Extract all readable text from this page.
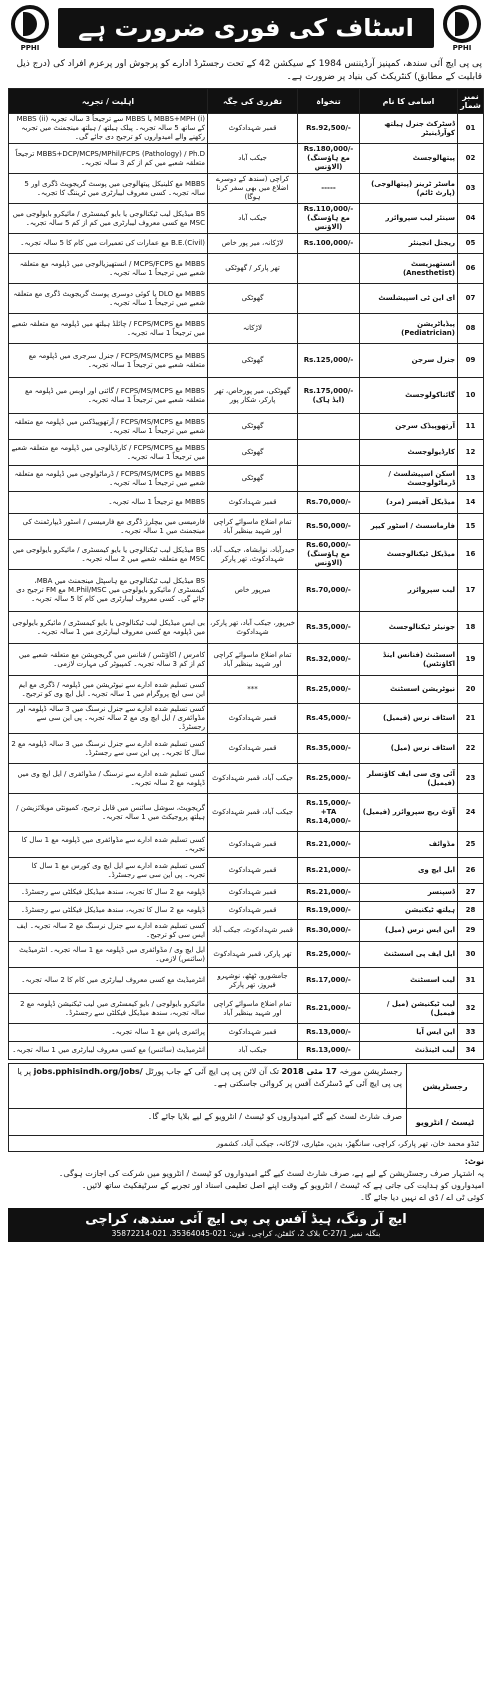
PPHI
اسٹاف کی فوری ضرورت ہے
PPHI
پی پی ایچ آئی سندھ، کمپنیز آرڈیننس 1984 کے سیکشن 42 کے تحت رجسٹرڈ ادارے کو پرجوش اور پرعزم افراد کی (درج ذیل قابلیت کے مطابق) کنٹریکٹ کی بنیاد پر ضرورت ہے۔
نمبر شمار	اسامی کا نام	تنخواہ	تقرری کی جگہ	اہلیت / تجربہ
01	ڈسٹرکٹ جنرل ہیلتھ کوآرڈینیٹر	Rs.92,500/-	قمبر شہدادکوٹ	MBBS+MPH (i) یا MBBS سے ترجیحاً 3 سالہ تجربہ (ii) MBBS کے ساتھ 5 سالہ تجربہ۔ پبلک ہیلتھ / ہیلتھ مینجمنٹ میں تجربہ رکھنے والے امیدواروں کو ترجیح دی جائے گی۔
02	پیتھالوجسٹ	Rs.180,000/- (مع ہاؤسنگ الاؤنس)	جیکب آباد	MBBS+DCP/MCPS/MPhil/FCPS (Pathology) / Ph.D ترجیحاً متعلقہ شعبے میں کم از کم 3 سالہ تجربہ۔
03	ماسٹر ٹرینر (پیتھالوجی) (پارٹ ٹائم)	-----	کراچی (سندھ کے دوسرے اضلاع میں بھی سفر کرنا ہوگا)	MBBS مع کلینیکل پیتھالوجی میں پوسٹ گریجویٹ ڈگری اور 5 سالہ تجربہ۔ کسی معروف لیبارٹری میں ٹریننگ کا تجربہ۔
04	سینئر لیب سپروائزر	Rs.110,000/- (مع ہاؤسنگ الاؤنس)	جیکب آباد	BS میڈیکل لیب ٹیکنالوجی یا بایو کیمسٹری / مائیکرو بایولوجی میں MSC مع کسی معروف لیبارٹری میں کم از کم 5 سالہ تجربہ۔
05	ریجنل انجینئر	Rs.100,000/-	لاڑکانہ، میر پور خاص	B.E.(Civil) مع عمارات کی تعمیرات میں کام کا 5 سالہ تجربہ۔
06	انستھیزیسٹ (Anesthetist)		تھر پارکر / گھوٹکی	MBBS مع MCPS/FCPS / انستھیزیالوجی میں ڈپلومہ مع متعلقہ شعبے میں ترجیحاً 1 سالہ تجربہ۔
07	ای این ٹی اسپیشلسٹ		گھوٹکی	MBBS مع DLO یا کوئی دوسری پوسٹ گریجویٹ ڈگری مع متعلقہ شعبے میں ترجیحاً 1 سالہ تجربہ۔
08	پیڈیاٹریشن (Pediatrician)		لاڑکانہ	MBBS مع FCPS/MCPS / چائلڈ ہیلتھ میں ڈپلومہ مع متعلقہ شعبے میں ترجیحاً 1 سالہ تجربہ۔
09	جنرل سرجن	Rs.125,000/-	گھوٹکی	MBBS مع FCPS/MS/MCPS / جنرل سرجری میں ڈپلومہ مع متعلقہ شعبے میں ترجیحاً 1 سالہ تجربہ۔
10	گائناکولوجسٹ	Rs.175,000/- (ایڈ ہاک)	گھوٹکی، میر پورخاص، تھر پارکر، شکار پور	MBBS مع FCPS/MS/MCPS / گائنی اور اوبس میں ڈپلومہ مع متعلقہ شعبے میں ترجیحاً 1 سالہ تجربہ۔
11	آرتھوپیڈک سرجن		گھوٹکی	MBBS مع FCPS/MS/MCPS / آرتھوپیڈکس میں ڈپلومہ مع متعلقہ شعبے میں ترجیحاً 1 سالہ تجربہ۔
12	کارڈیولوجسٹ		گھوٹکی	MBBS مع FCPS/MCPS / کارڈیالوجی میں ڈپلومہ مع متعلقہ شعبے میں ترجیحاً 1 سالہ تجربہ۔
13	اسکن اسپیشلسٹ / ڈرماٹولوجسٹ		گھوٹکی	MBBS مع FCPS/MS/MCPS / ڈرماٹولوجی میں ڈپلومہ مع متعلقہ شعبے میں ترجیحاً 1 سالہ تجربہ۔
14	میڈیکل آفیسر (مرد)	Rs.70,000/-	قمبر شہدادکوٹ	MBBS مع ترجیحاً 1 سالہ تجربہ۔
15	فارماسسٹ / اسٹور کیپر	Rs.50,000/-	تمام اضلاع ماسوائے کراچی اور شہید بینظیر آباد	فارمیسی میں بیچلرز ڈگری مع فارمیسی / اسٹور ڈیپارٹمنٹ کی مینجمنٹ میں 1 سالہ تجربہ۔
16	میڈیکل ٹیکنالوجسٹ	Rs.60,000/- (مع ہاؤسنگ الاؤنس)	حیدرآباد، نوابشاہ، جیکب آباد، شہدادکوٹ، تھر پارکر	BS میڈیکل لیب ٹیکنالوجی یا بایو کیمسٹری / مائیکرو بایولوجی میں MSC مع متعلقہ شعبے میں 2 سالہ تجربہ۔
17	لیب سپروائزر	Rs.70,000/-	میرپور خاص	BS میڈیکل لیب ٹیکنالوجی مع ہاسپٹل مینجمنٹ میں MBA، کیمسٹری / مائیکرو بایولوجی میں M.Phil/MSC مع FM ترجیح دی جائے گی۔ کسی معروف لیبارٹری میں کام کا 5 سالہ تجربہ۔
18	جونیئر ٹیکنالوجسٹ	Rs.35,000/-	خیرپور، جیکب آباد، تھر پارکر، شہدادکوٹ	بی ایس میڈیکل لیب ٹیکنالوجی یا بایو کیمسٹری / مائیکرو بایولوجی میں ڈپلومہ مع کسی معروف لیبارٹری میں 1 سالہ تجربہ۔
19	اسسٹنٹ (فنانس اینڈ اکاؤنٹس)	Rs.32,000/-	تمام اضلاع ماسوائے کراچی اور شہید بینظیر آباد	کامرس / اکاؤنٹس / فنانس میں گریجویشن مع متعلقہ شعبے میں کم از کم 3 سالہ تجربہ۔ کمپیوٹر کی مہارت لازمی۔
20	نیوٹریشن اسسٹنٹ	Rs.25,000/-	***	کسی تسلیم شدہ ادارے سے نیوٹریشن میں ڈپلومہ / ڈگری مع ایم این سی ایچ پروگرام میں 1 سالہ تجربہ۔ ایل ایچ وی کو ترجیح۔
21	اسٹاف نرس (فیمیل)	Rs.45,000/-	قمبر شہدادکوٹ	کسی تسلیم شدہ ادارے سے جنرل نرسنگ میں 3 سالہ ڈپلومہ اور مڈوائفری / ایل ایچ وی مع 2 سالہ تجربہ۔ پی این سی سے رجسٹرڈ۔
22	اسٹاف نرس (میل)	Rs.35,000/-	قمبر شہدادکوٹ	کسی تسلیم شدہ ادارے سے جنرل نرسنگ میں 3 سالہ ڈپلومہ مع 2 سال کا تجربہ۔ پی این سی سے رجسٹرڈ۔
23	آئی وی سی ایف کاؤنسلر (فیمیل)	Rs.25,000/-	جیکب آباد، قمبر شہدادکوٹ	کسی تسلیم شدہ ادارے سے نرسنگ / مڈوائفری / ایل ایچ وی میں ڈپلومہ مع 2 سالہ تجربہ۔
24	آؤٹ ریچ سپروائزر (فیمیل)	Rs.15,000/- +TA Rs.14,000/-	جیکب آباد، قمبر شہدادکوٹ	گریجویٹ، سوشل سائنس میں قابل ترجیح، کمیونٹی موبلائزیشن / ہیلتھ پروجیکٹ میں 1 سالہ تجربہ۔
25	مڈوائف	Rs.21,000/-	قمبر شہدادکوٹ	کسی تسلیم شدہ ادارے سے مڈوائفری میں ڈپلومہ مع 1 سال کا تجربہ۔
26	ایل ایچ وی	Rs.21,000/-	قمبر شہدادکوٹ	کسی تسلیم شدہ ادارے سے ایل ایچ وی کورس مع 1 سال کا تجربہ۔ پی این سی سے رجسٹرڈ۔
27	ڈسپنسر	Rs.21,000/-	قمبر شہدادکوٹ	ڈپلومہ مع 2 سال کا تجربہ، سندھ میڈیکل فیکلٹی سے رجسٹرڈ۔
28	ہیلتھ ٹیکنیشن	Rs.19,000/-	قمبر شہدادکوٹ	ڈپلومہ مع 2 سال کا تجربہ، سندھ میڈیکل فیکلٹی سے رجسٹرڈ۔
29	این ایس نرس (میل)	Rs.30,000/-	قمبر شہدادکوٹ، جیکب آباد	کسی تسلیم شدہ ادارے سے جنرل نرسنگ مع 2 سالہ تجربہ۔ ایف ایس سی کو ترجیح۔
30	ایل ایف پی اسسٹنٹ	Rs.25,000/-	تھر پارکر، قمبر شہدادکوٹ	ایل ایچ وی / مڈوائفری میں ڈپلومہ مع 1 سالہ تجربہ۔ انٹرمیڈیٹ (سائنس) لازمی۔
31	لیب اسسٹنٹ	Rs.17,000/-	جامشورو، ٹھٹھ، نوشہرو فیروز، تھر پارکر	انٹرمیڈیٹ مع کسی معروف لیبارٹری میں کام کا 2 سالہ تجربہ۔
32	لیب ٹیکنیشن (میل / فیمیل)	Rs.21,000/-	تمام اضلاع ماسوائے کراچی اور شہید بینظیر آباد	مائیکرو بایولوجی / بایو کیمسٹری میں لیب ٹیکنیشن ڈپلومہ مع 2 سالہ تجربہ، سندھ میڈیکل فیکلٹی سے رجسٹرڈ۔
33	این ایس آیا	Rs.13,000/-	قمبر شہدادکوٹ	پرائمری پاس مع 1 سالہ تجربہ۔
34	لیب اٹینڈنٹ	Rs.13,000/-	جیکب آباد	انٹرمیڈیٹ (سائنس) مع کسی معروف لیبارٹری میں 1 سالہ تجربہ۔
رجسٹریشن
رجسٹریشن مورخہ 17 مئی 2018 تک آن لائن پی پی ایچ آئی کے جاب پورٹل jobs.pphisindh.org/jobs/ پر یا پی پی ایچ آئی کے ڈسٹرکٹ آفس پر کروائی جاسکتی ہے۔
ٹیسٹ / انٹرویو
صرف شارٹ لسٹ کیے گئے امیدواروں کو ٹیسٹ / انٹرویو کے لیے بلایا جائے گا۔
ٹنڈو محمد خان، تھر پارکر، کراچی، سانگھڑ، بدین، مٹیاری، لاڑکانہ، جیکب آباد، کشمور
نوٹ:
یہ اشتہار صرف رجسٹریشن کے لیے ہے، صرف شارٹ لسٹ کیے گئے امیدواروں کو ٹیسٹ / انٹرویو میں شرکت کی اجازت ہوگی۔
امیدواروں کو ہدایت کی جاتی ہے کہ ٹیسٹ / انٹرویو کے وقت اپنے اصل تعلیمی اسناد اور تجربے کے سرٹیفکیٹ ساتھ لائیں۔
کوئی ٹی اے / ڈی اے نہیں دیا جائے گا۔
ایچ آر ونگ، ہیڈ آفس پی پی ایچ آئی سندھ، کراچی
بنگلہ نمبر C-27/1 بلاک 2، کلفٹن، کراچی۔ فون: 021-35364045، 021-35872214
